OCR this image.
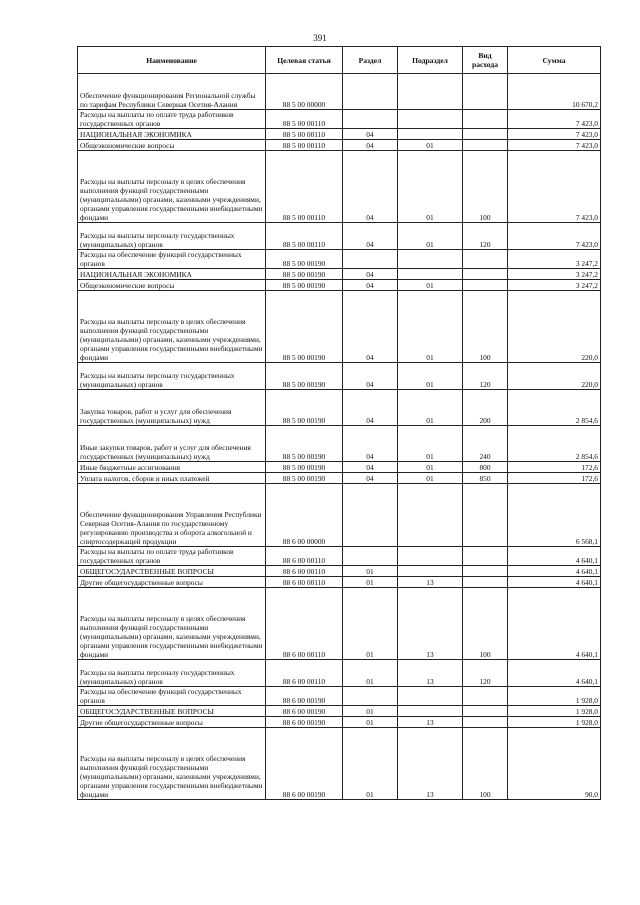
391
Наименование	Целевая статья	Раздел	Подраздел	Вид расхода	Сумма
Обеспечение функционирования Региональной службы по тарифам Республики Северная Осетия-Алания	88 5 00 00000				10 670,2
Расходы на выплаты по оплате труда работников государственных органов	88 5 00 00110				7 423,0
НАЦИОНАЛЬНАЯ ЭКОНОМИКА	88 5 00 00110	04			7 423,0
Общеэкономические вопросы	88 5 00 00110	04	01		7 423,0
Расходы на выплаты персоналу в целях обеспечения выполнения функций государственными (муниципальными) органами, казенными учреждениями, органами управления государственными внебюджетными фондами	88 5 00 00110	04	01	100	7 423,0
Расходы на выплаты персоналу государственных (муниципальных) органов	88 5 00 00110	04	01	120	7 423,0
Расходы на обеспечение функций государственных органов	88 5 00 00190				3 247,2
НАЦИОНАЛЬНАЯ ЭКОНОМИКА	88 5 00 00190	04			3 247,2
Общеэкономические вопросы	88 5 00 00190	04	01		3 247,2
Расходы на выплаты персоналу в целях обеспечения выполнения функций государственными (муниципальными) органами, казенными учреждениями, органами управления государственными внебюджетными фондами	88 5 00 00190	04	01	100	220,0
Расходы на выплаты персоналу государственных (муниципальных) органов	88 5 00 00190	04	01	120	220,0
Закупка товаров, работ и услуг для обеспечения государственных (муниципальных) нужд	88 5 00 00190	04	01	200	2 854,6
Иные закупки товаров, работ и услуг для обеспечения государственных (муниципальных) нужд	88 5 00 00190	04	01	240	2 854,6
Иные бюджетные ассигнования	88 5 00 00190	04	01	800	172,6
Уплата налогов, сборов и иных платежей	88 5 00 00190	04	01	850	172,6
Обеспечение функционирования Управления Республики Северная Осетия-Алания по государственному регулированию производства и оборота алкогольной и спиртосодержащей продукции	88 6 00 00000				6 568,1
Расходы на выплаты по оплате труда работников государственных органов	88 6 00 00110				4 640,1
ОБЩЕГОСУДАРСТВЕННЫЕ ВОПРОСЫ	88 6 00 00110	01			4 640,1
Другие общегосударственные вопросы	88 6 00 00110	01	13		4 640,1
Расходы на выплаты персоналу в целях обеспечения выполнения функций государственными (муниципальными) органами, казенными учреждениями, органами управления государственными внебюджетными фондами	88 6 00 00110	01	13	100	4 640,1
Расходы на выплаты персоналу государственных (муниципальных) органов	88 6 00 00110	01	13	120	4 640,1
Расходы на обеспечение функций государственных органов	88 6 00 00190				1 928,0
ОБЩЕГОСУДАРСТВЕННЫЕ ВОПРОСЫ	88 6 00 00190	01			1 928,0
Другие общегосударственные вопросы	88 6 00 00190	01	13		1 928,0
Расходы на выплаты персоналу в целях обеспечения выполнения функций государственными (муниципальными) органами, казенными учреждениями, органами управления государственными внебюджетными фондами	88 6 00 00190	01	13	100	90,0
